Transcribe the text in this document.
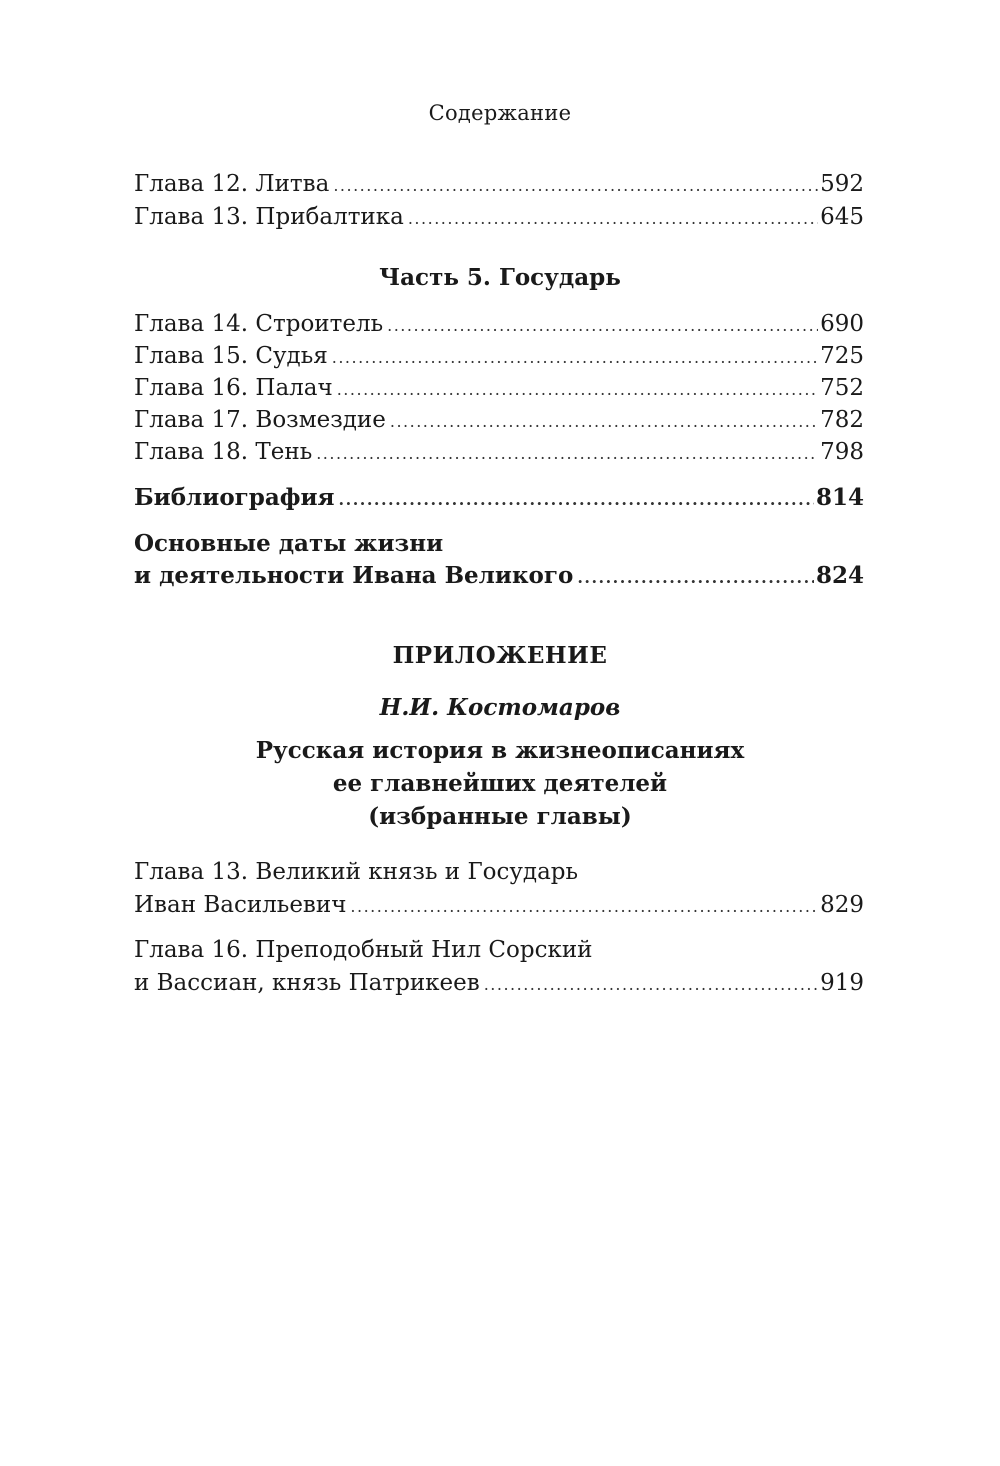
Содержание
Глава 12. Литва .....	592
Глава 13. Прибалтика .....	645
Часть 5. Государь
Глава 14. Строитель .....	690
Глава 15. Судья .....	725
Глава 16. Палач .....	752
Глава 17. Возмездие .....	782
Глава 18. Тень .....	798
Библиография .....	814
Основные даты жизни
и деятельности Ивана Великого .....	824
ПРИЛОЖЕНИЕ
Н.И. Костомаров
Русская история в жизнеописаниях
ее главнейших деятелей
(избранные главы)
Глава 13. Великий князь и Государь
Иван Васильевич .....	829
Глава 16. Преподобный Нил Сорский
и Вассиан, князь Патрикеев .....	919
